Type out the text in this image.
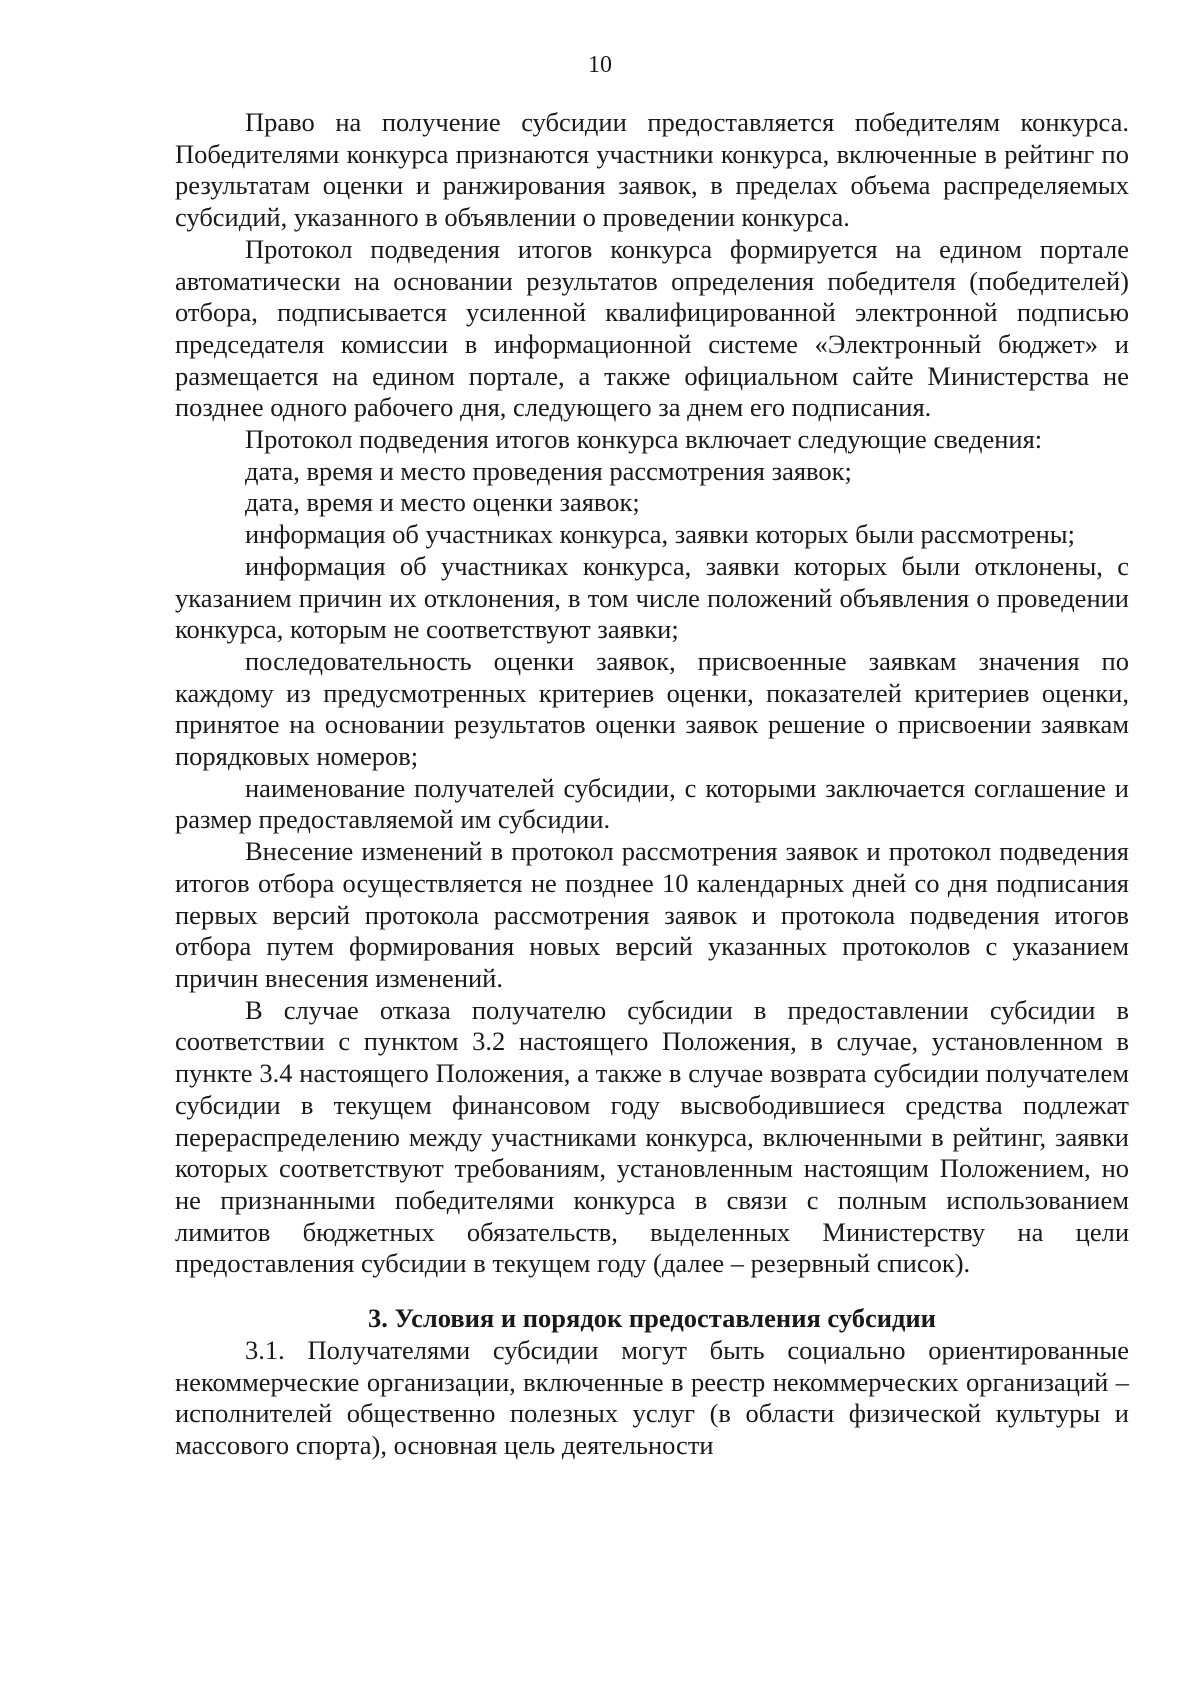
10

Право на получение субсидии предоставляется победителям конкурса. Победителями конкурса признаются участники конкурса, включенные в рейтинг по результатам оценки и ранжирования заявок, в пределах объема распределяемых субсидий, указанного в объявлении о проведении конкурса.

Протокол подведения итогов конкурса формируется на едином портале автоматически на основании результатов определения победителя (победителей) отбора, подписывается усиленной квалифицированной электронной подписью председателя комиссии в информационной системе «Электронный бюджет» и размещается на едином портале, а также официальном сайте Министерства не позднее одного рабочего дня, следующего за днем его подписания.

Протокол подведения итогов конкурса включает следующие сведения:

дата, время и место проведения рассмотрения заявок;

дата, время и место оценки заявок;

информация об участниках конкурса, заявки которых были рассмотрены;

информация об участниках конкурса, заявки которых были отклонены, с указанием причин их отклонения, в том числе положений объявления о проведении конкурса, которым не соответствуют заявки;

последовательность оценки заявок, присвоенные заявкам значения по каждому из предусмотренных критериев оценки, показателей критериев оценки, принятое на основании результатов оценки заявок решение о присвоении заявкам порядковых номеров;

наименование получателей субсидии, с которыми заключается соглашение и размер предоставляемой им субсидии.

Внесение изменений в протокол рассмотрения заявок и протокол подведения итогов отбора осуществляется не позднее 10 календарных дней со дня подписания первых версий протокола рассмотрения заявок и протокола подведения итогов отбора путем формирования новых версий указанных протоколов с указанием причин внесения изменений.

В случае отказа получателю субсидии в предоставлении субсидии в соответствии с пунктом 3.2 настоящего Положения, в случае, установленном в пункте 3.4 настоящего Положения, а также в случае возврата субсидии получателем субсидии в текущем финансовом году высвободившиеся средства подлежат перераспределению между участниками конкурса, включенными в рейтинг, заявки которых соответствуют требованиям, установленным настоящим Положением, но не признанными победителями конкурса в связи с полным использованием лимитов бюджетных обязательств, выделенных Министерству на цели предоставления субсидии в текущем году (далее – резервный список).

3. Условия и порядок предоставления субсидии

3.1. Получателями субсидии могут быть социально ориентированные некоммерческие организации, включенные в реестр некоммерческих организаций – исполнителей общественно полезных услуг (в области физической культуры и массового спорта), основная цель деятельности
